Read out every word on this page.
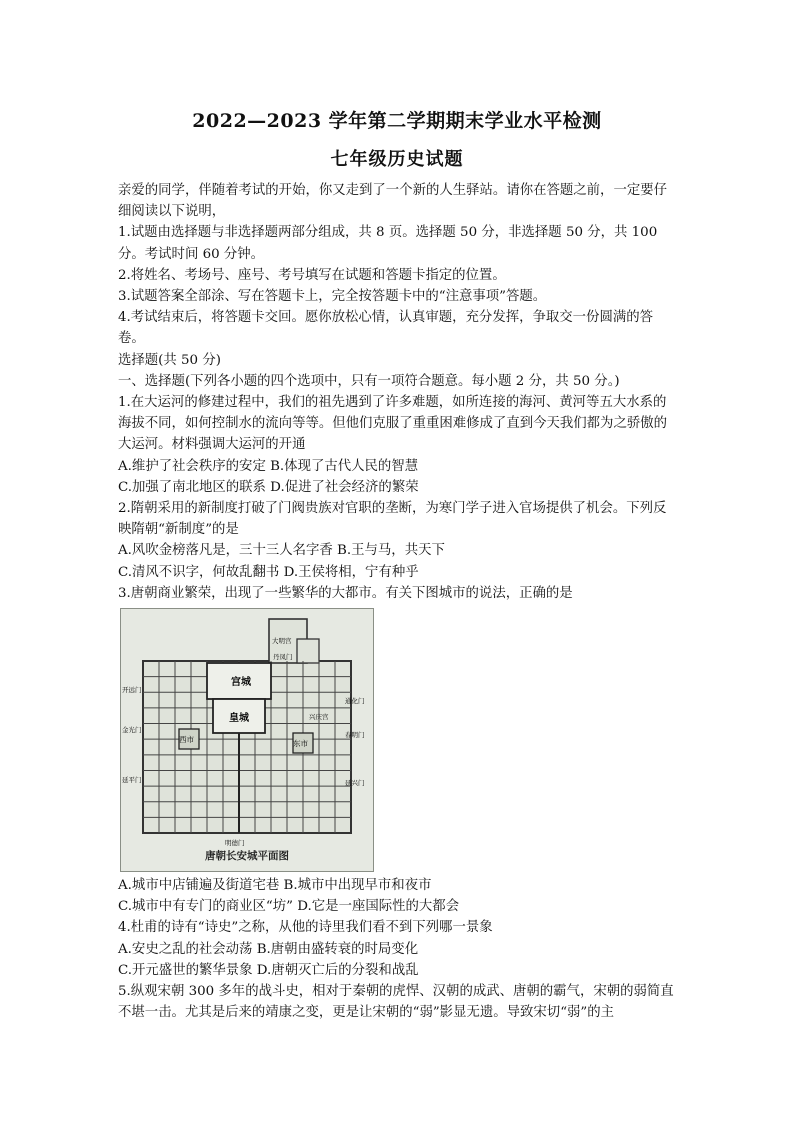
2022—2023 学年第二学期期末学业水平检测
七年级历史试题

亲爱的同学，伴随着考试的开始，你又走到了一个新的人生驿站。请你在答题之前，一定要仔细阅读以下说明，

1.试题由选择题与非选择题两部分组成，共 8 页。选择题 50 分，非选择题 50 分，共 100 分。考试时间 60 分钟。

2.将姓名、考场号、座号、考号填写在试题和答题卡指定的位置。

3.试题答案全部涂、写在答题卡上，完全按答题卡中的“注意事项”答题。

4.考试结束后，将答题卡交回。愿你放松心情，认真审题，充分发挥，争取交一份圆满的答卷。

选择题(共 50 分)

一、选择题(下列各小题的四个选项中，只有一项符合题意。每小题 2 分，共 50 分。)

1.在大运河的修建过程中，我们的祖先遇到了许多难题，如所连接的海河、黄河等五大水系的海拔不同，如何控制水的流向等等。但他们克服了重重困难修成了直到今天我们都为之骄傲的大运河。材料强调大运河的开通

A.维护了社会秩序的安定 B.体现了古代人民的智慧

C.加强了南北地区的联系 D.促进了社会经济的繁荣

2.隋朝采用的新制度打破了门阀贵族对官职的垄断，为寒门学子进入官场提供了机会。下列反映隋朝“新制度”的是

A.风吹金榜落凡是，三十三人名字香 B.王与马，共天下

C.清风不识字，何故乱翻书 D.王侯将相，宁有种乎

3.唐朝商业繁荣，出现了一些繁华的大都市。有关下图城市的说法，正确的是

宫城
皇城
西市	东市
开远门
金光门
延平门
通化门
春明门
延兴门
明德门
大明宫
兴庆宫
丹凤门
唐朝长安城平面图

A.城市中店铺遍及街道宅巷 B.城市中出现早市和夜市

C.城市中有专门的商业区“坊” D.它是一座国际性的大都会

4.杜甫的诗有“诗史”之称，从他的诗里我们看不到下列哪一景象

A.安史之乱的社会动荡 B.唐朝由盛转衰的时局变化

C.开元盛世的繁华景象 D.唐朝灭亡后的分裂和战乱

5.纵观宋朝 300 多年的战斗史，相对于秦朝的虎悍、汉朝的成武、唐朝的霸气，宋朝的弱简直不堪一击。尤其是后来的靖康之变，更是让宋朝的“弱”影显无遗。导致宋切“弱”的主
